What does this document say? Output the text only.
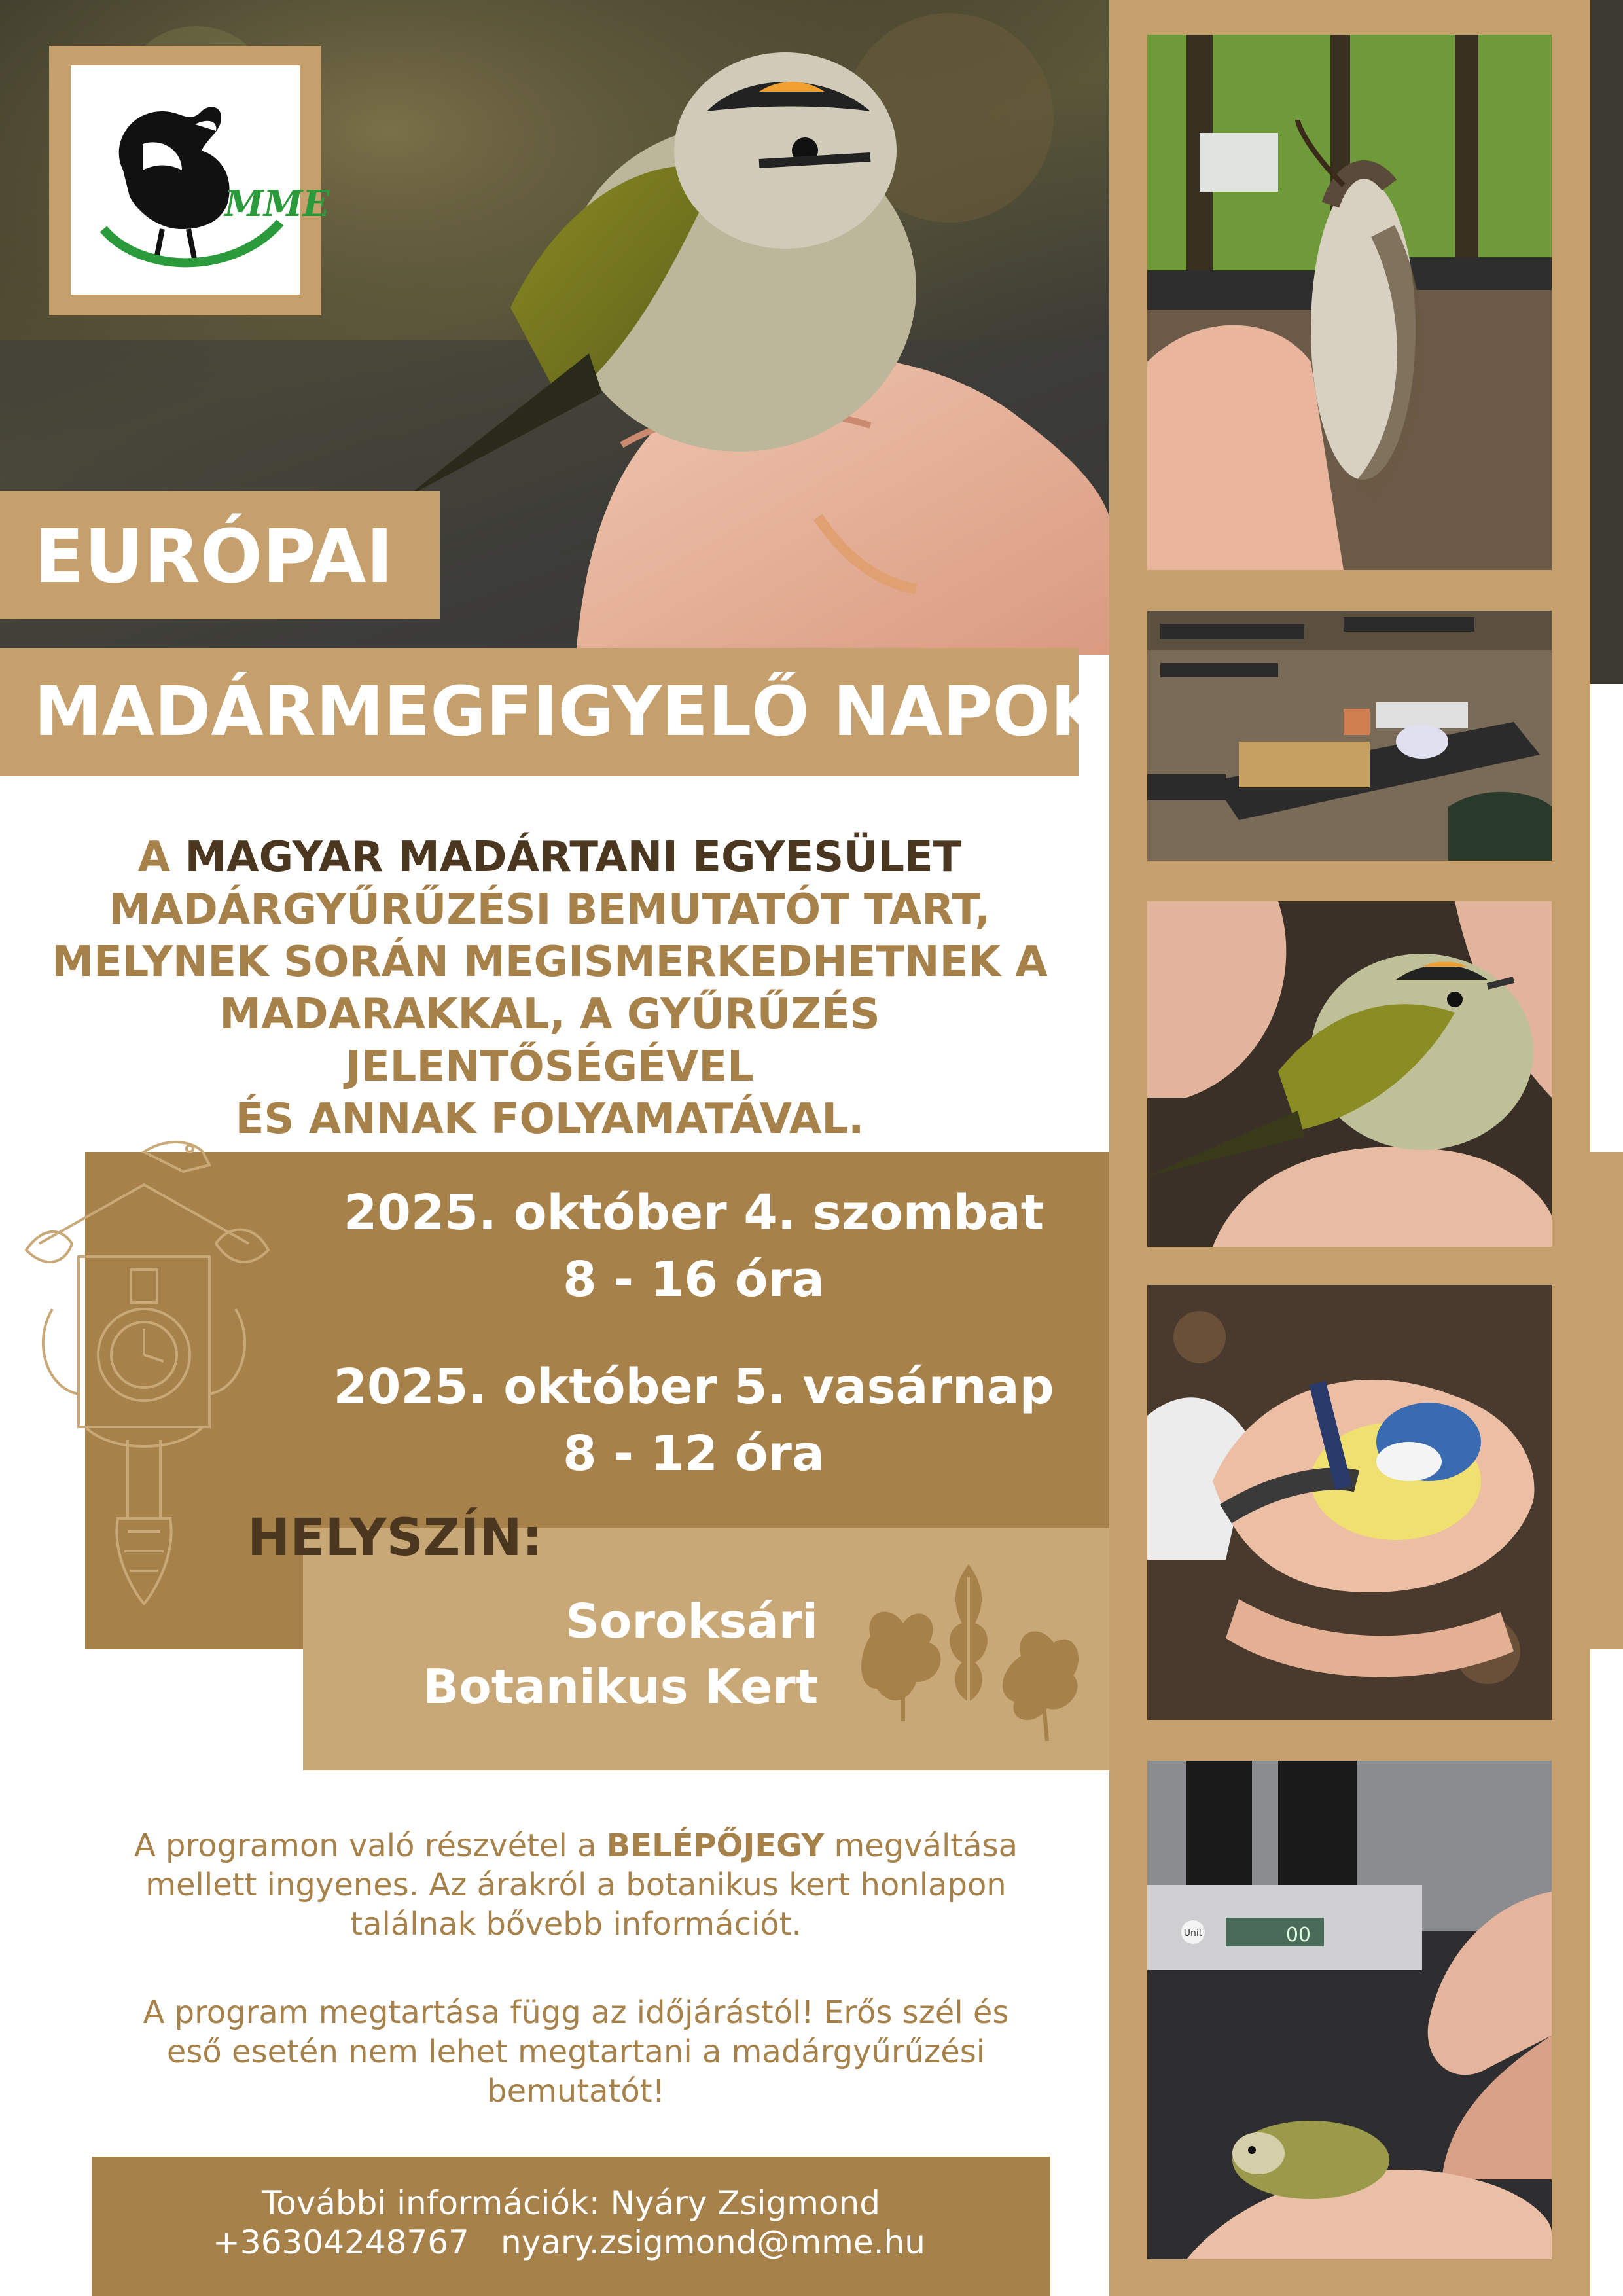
Unit	00
MME
EURÓPAI
MADÁRMEGFIGYELŐ NAPOK
A MAGYAR MADÁRTANI EGYESÜLET
MADÁRGYŰRŰZÉSI BEMUTATÓT TART,
MELYNEK SORÁN MEGISMERKEDHETNEK A
MADARAKKAL, A GYŰRŰZÉS JELENTŐSÉGÉVEL
ÉS ANNAK FOLYAMATÁVAL.
2025. október 4. szombat
8 - 16 óra
2025. október 5. vasárnap
8 - 12 óra
HELYSZÍN:
Soroksári
Botanikus Kert
A programon való részvétel a BELÉPŐJEGY megváltása
mellett ingyenes. Az árakról a botanikus kert honlapon
találnak bővebb információt.
A program megtartása függ az időjárástól! Erős szél és
eső esetén nem lehet megtartani a madárgyűrűzési
bemutatót!
További információk: Nyáry Zsigmond
+36304248767 nyary.zsigmond@mme.hu
